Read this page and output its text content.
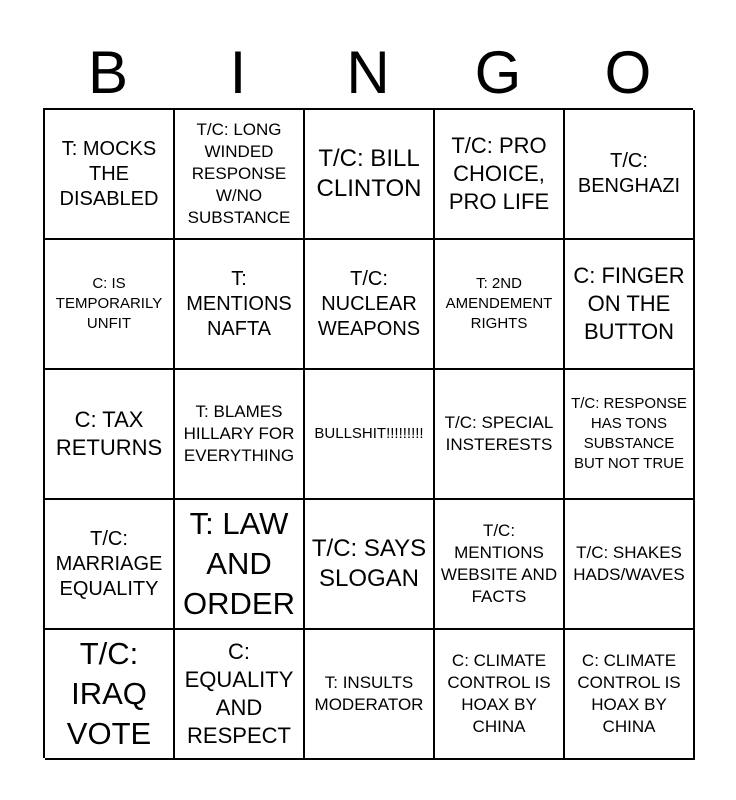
B	I	N	G	O
T: MOCKS THE DISABLED
T/C: LONG WINDED RESPONSE W/NO SUBSTANCE
T/C: BILL CLINTON
T/C: PRO CHOICE, PRO LIFE
T/C: BENGHAZI
C: IS TEMPORARILY UNFIT
T: MENTIONS NAFTA
T/C: NUCLEAR WEAPONS
T: 2ND AMENDEMENT RIGHTS
C: FINGER ON THE BUTTON
C: TAX RETURNS
T: BLAMES HILLARY FOR EVERYTHING
BULLSHIT!!!!!!!!!
T/C: SPECIAL INSTERESTS
T/C: RESPONSE HAS TONS SUBSTANCE BUT NOT TRUE
T/C: MARRIAGE EQUALITY
T: LAW AND ORDER
T/C: SAYS SLOGAN
T/C: MENTIONS WEBSITE AND FACTS
T/C: SHAKES HADS/WAVES
T/C: IRAQ VOTE
C: EQUALITY AND RESPECT
T: INSULTS MODERATOR
C: CLIMATE CONTROL IS HOAX BY CHINA
C: CLIMATE CONTROL IS HOAX BY CHINA
